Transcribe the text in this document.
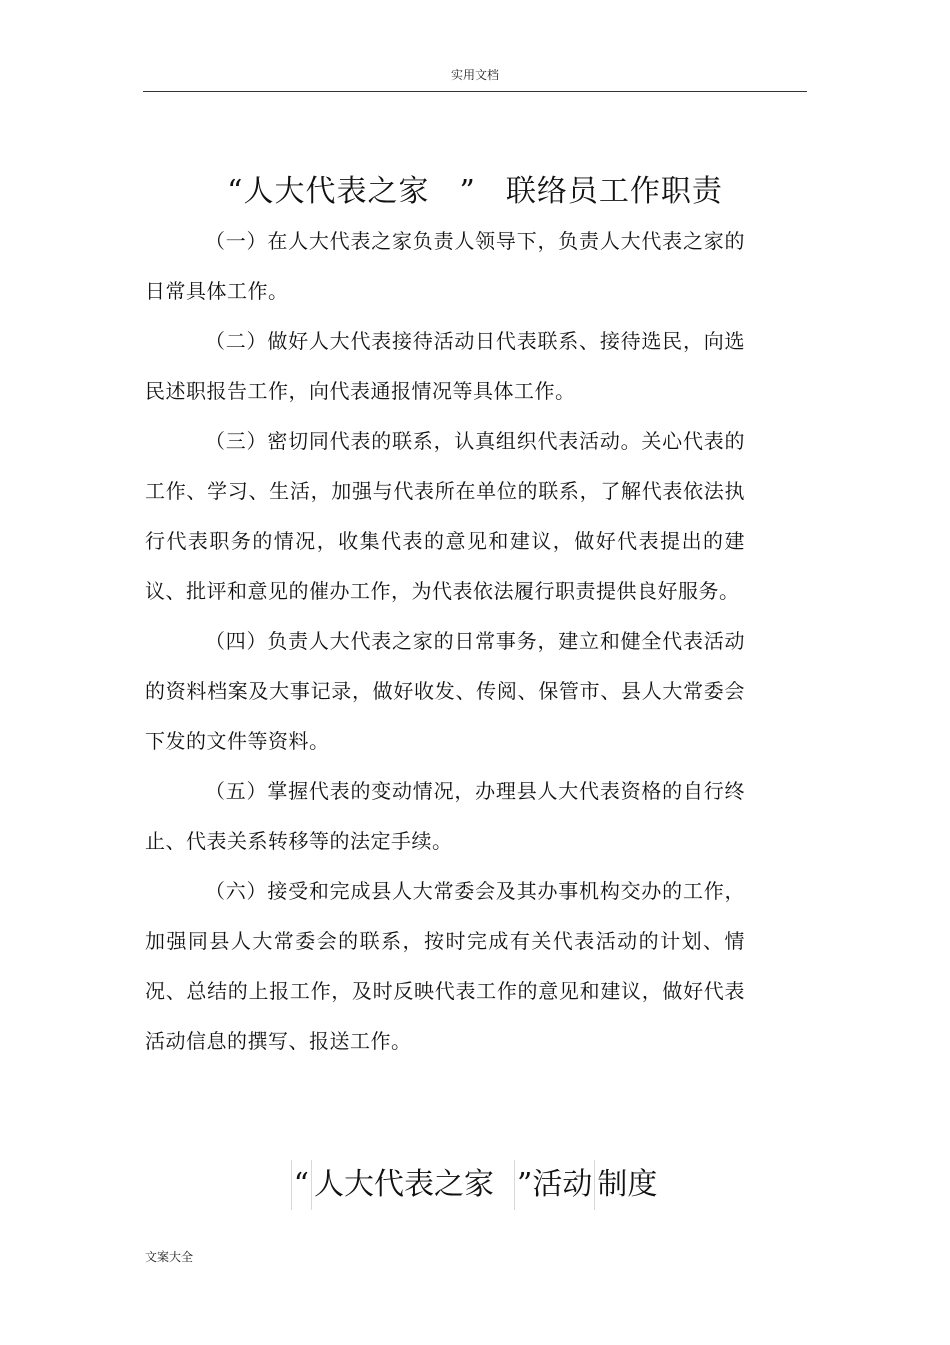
实用文档
“人大代表之家 ” 联络员工作职责

（一）在人大代表之家负责人领导下，负责人大代表之家的日常具体工作。

（二）做好人大代表接待活动日代表联系、接待选民，向选民述职报告工作，向代表通报情况等具体工作。

（三）密切同代表的联系，认真组织代表活动。关心代表的工作、学习、生活，加强与代表所在单位的联系，了解代表依法执行代表职务的情况，收集代表的意见和建议，做好代表提出的建议、批评和意见的催办工作，为代表依法履行职责提供良好服务。

（四）负责人大代表之家的日常事务，建立和健全代表活动的资料档案及大事记录，做好收发、传阅、保管市、县人大常委会下发的文件等资料。

（五）掌握代表的变动情况，办理县人大代表资格的自行终止、代表关系转移等的法定手续。

（六）接受和完成县人大常委会及其办事机构交办的工作，加强同县人大常委会的联系，按时完成有关代表活动的计划、情况、总结的上报工作，及时反映代表工作的意见和建议，做好代表活动信息的撰写、报送工作。

“ 人大代表之家 ”活动 制度
文案大全
